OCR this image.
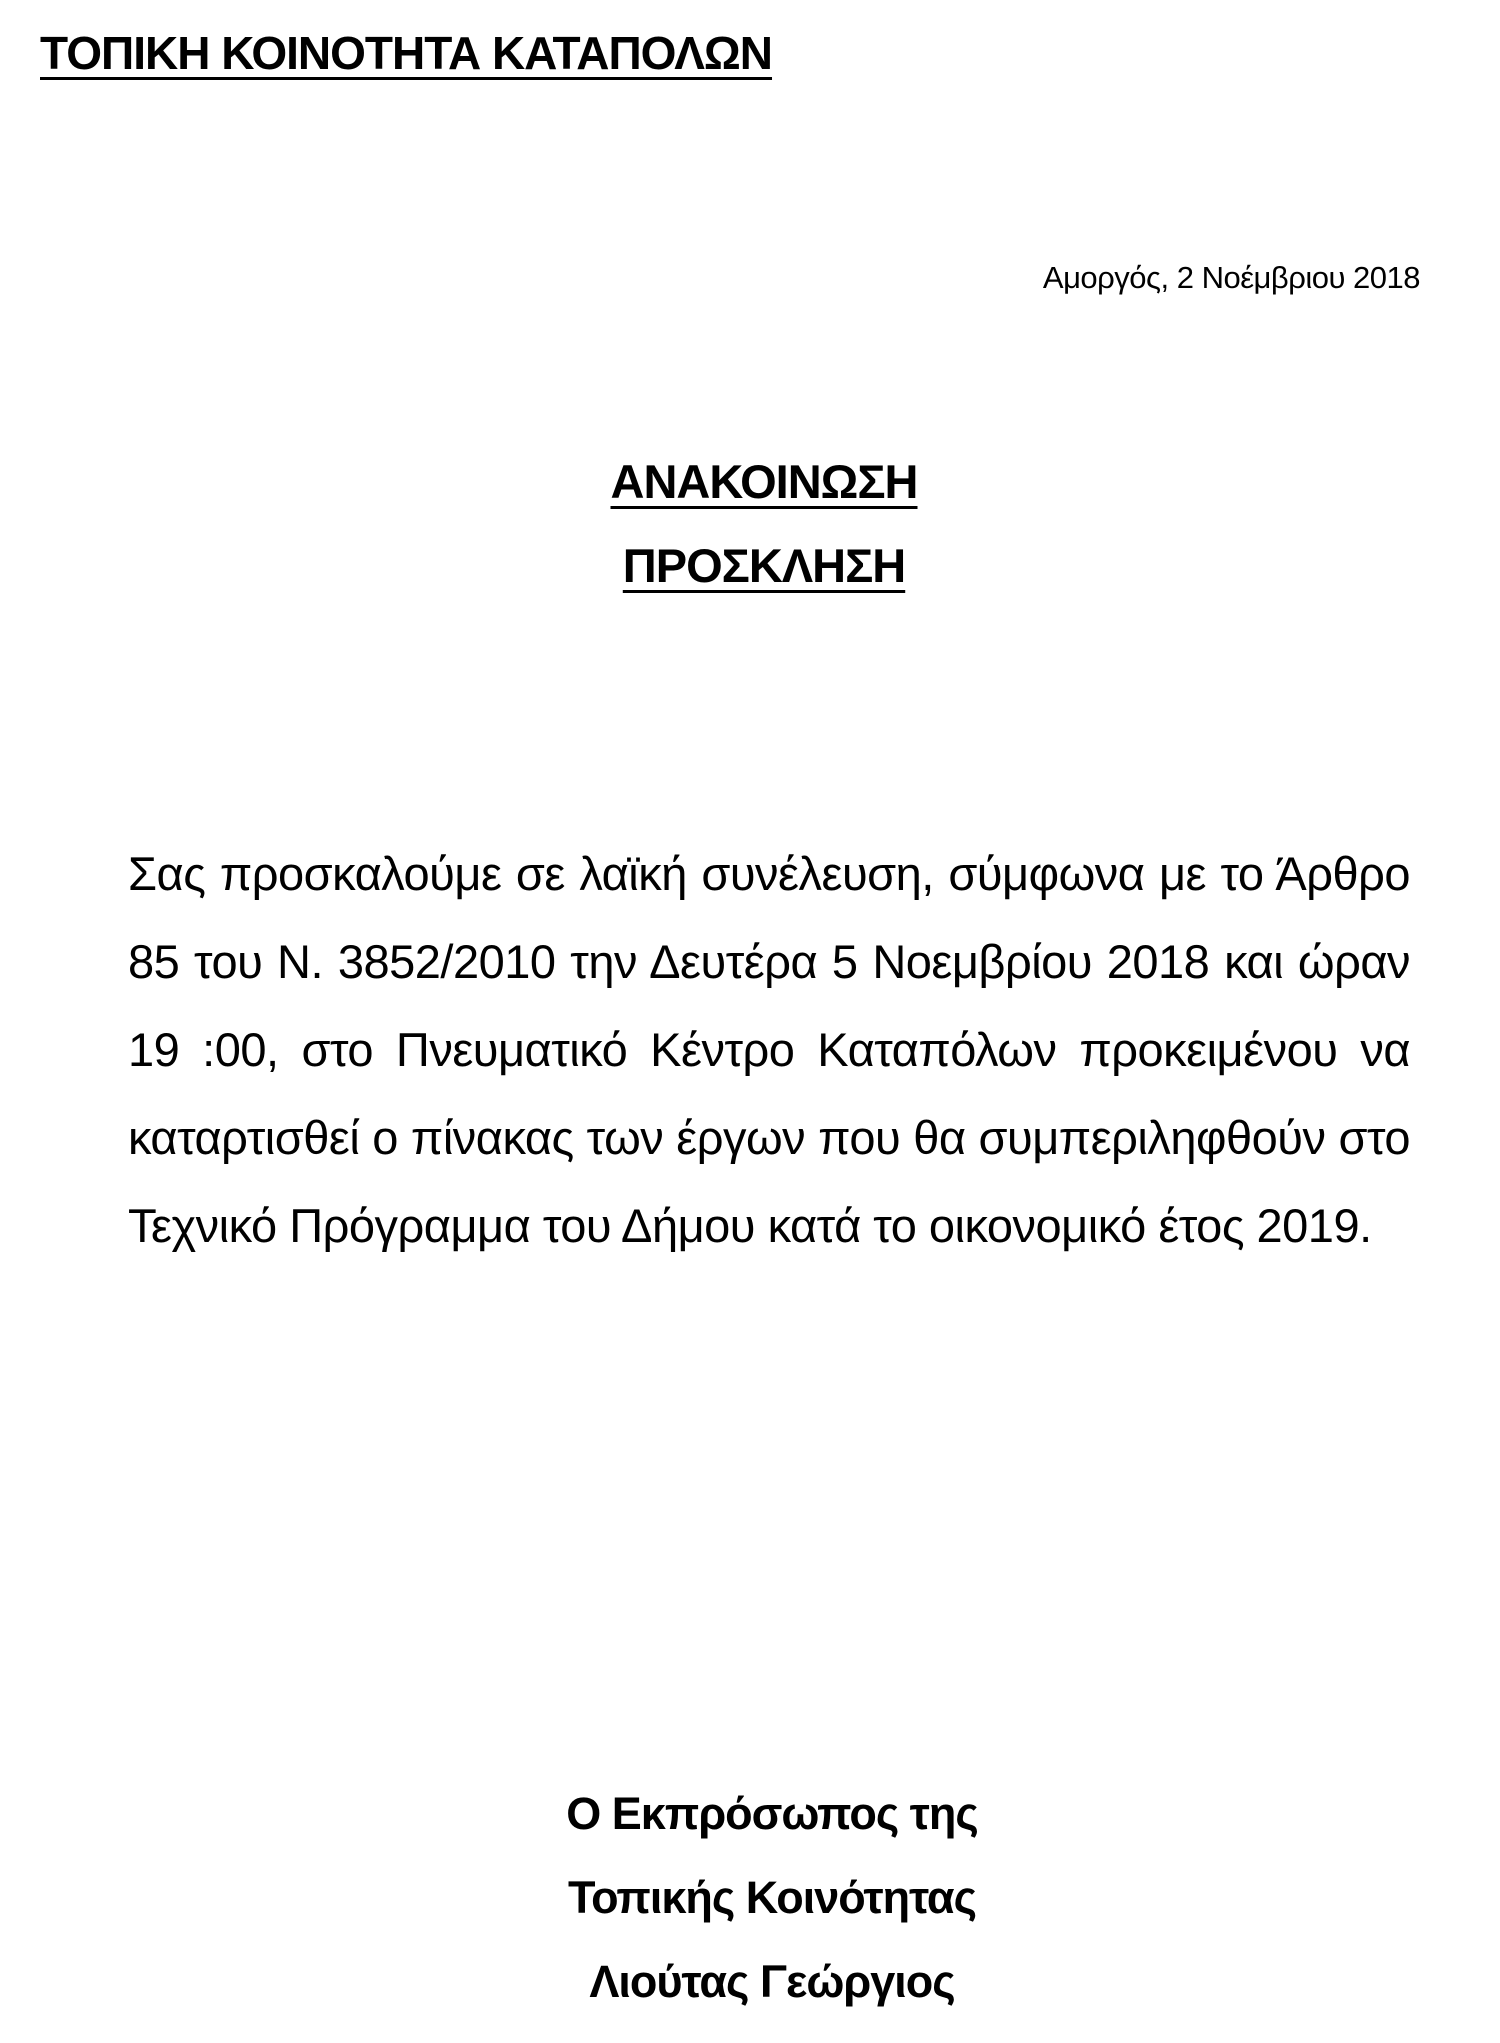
ΤΟΠΙΚΗ ΚΟΙΝΟΤΗΤΑ ΚΑΤΑΠΟΛΩΝ
Αμοργός, 2 Νοέμβριου 2018
ΑΝΑΚΟΙΝΩΣΗ
ΠΡΟΣΚΛΗΣΗ

Σας προσκαλούμε σε λαϊκή συνέλευση, σύμφωνα με το Άρθρο 85 του Ν. 3852/2010 την Δευτέρα 5 Νοεμβρίου 2018 και ώραν 19 :00, στο Πνευματικό Κέντρο Καταπόλων προκειμένου να καταρτισθεί ο πίνακας των έργων που θα συμπεριληφθούν στο Τεχνικό Πρόγραμμα του Δήμου κατά το οικονομικό έτος 2019.

Ο Εκπρόσωπος της
Τοπικής Κοινότητας
Λιούτας Γεώργιος
